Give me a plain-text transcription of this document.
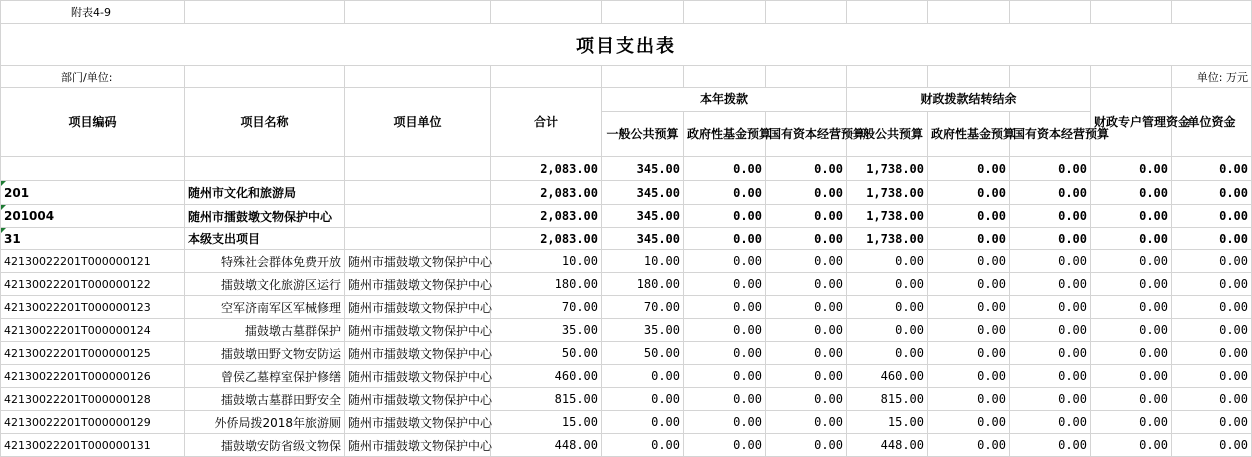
附表4-9											
项目支出表											
部门/单位:											单位: 万元
项目编码	项目名称	项目单位	合计	本年拨款			财政拨款结转结余			财政专户管理资金	单位资金
				一般公共预算	政府性基金预算	国有资本经营预算	一般公共预算	政府性基金预算	国有资本经营预算		
			2,083.00	345.00	0.00	0.00	1,738.00	0.00	0.00	0.00	0.00
201	随州市文化和旅游局		2,083.00	345.00	0.00	0.00	1,738.00	0.00	0.00	0.00	0.00
201004	随州市擂鼓墩文物保护中心		2,083.00	345.00	0.00	0.00	1,738.00	0.00	0.00	0.00	0.00
31	本级支出项目		2,083.00	345.00	0.00	0.00	1,738.00	0.00	0.00	0.00	0.00
42130022201T000000121	特殊社会群体免费开放	随州市擂鼓墩文物保护中心	10.00	10.00	0.00	0.00	0.00	0.00	0.00	0.00	0.00
42130022201T000000122	擂鼓墩文化旅游区运行	随州市擂鼓墩文物保护中心	180.00	180.00	0.00	0.00	0.00	0.00	0.00	0.00	0.00
42130022201T000000123	空军济南军区军械修理	随州市擂鼓墩文物保护中心	70.00	70.00	0.00	0.00	0.00	0.00	0.00	0.00	0.00
42130022201T000000124	擂鼓墩古墓群保护	随州市擂鼓墩文物保护中心	35.00	35.00	0.00	0.00	0.00	0.00	0.00	0.00	0.00
42130022201T000000125	擂鼓墩田野文物安防运	随州市擂鼓墩文物保护中心	50.00	50.00	0.00	0.00	0.00	0.00	0.00	0.00	0.00
42130022201T000000126	曾侯乙墓椁室保护修缮	随州市擂鼓墩文物保护中心	460.00	0.00	0.00	0.00	460.00	0.00	0.00	0.00	0.00
42130022201T000000128	擂鼓墩古墓群田野安全	随州市擂鼓墩文物保护中心	815.00	0.00	0.00	0.00	815.00	0.00	0.00	0.00	0.00
42130022201T000000129	外侨局拨2018年旅游厕	随州市擂鼓墩文物保护中心	15.00	0.00	0.00	0.00	15.00	0.00	0.00	0.00	0.00
42130022201T000000131	擂鼓墩安防省级文物保	随州市擂鼓墩文物保护中心	448.00	0.00	0.00	0.00	448.00	0.00	0.00	0.00	0.00
